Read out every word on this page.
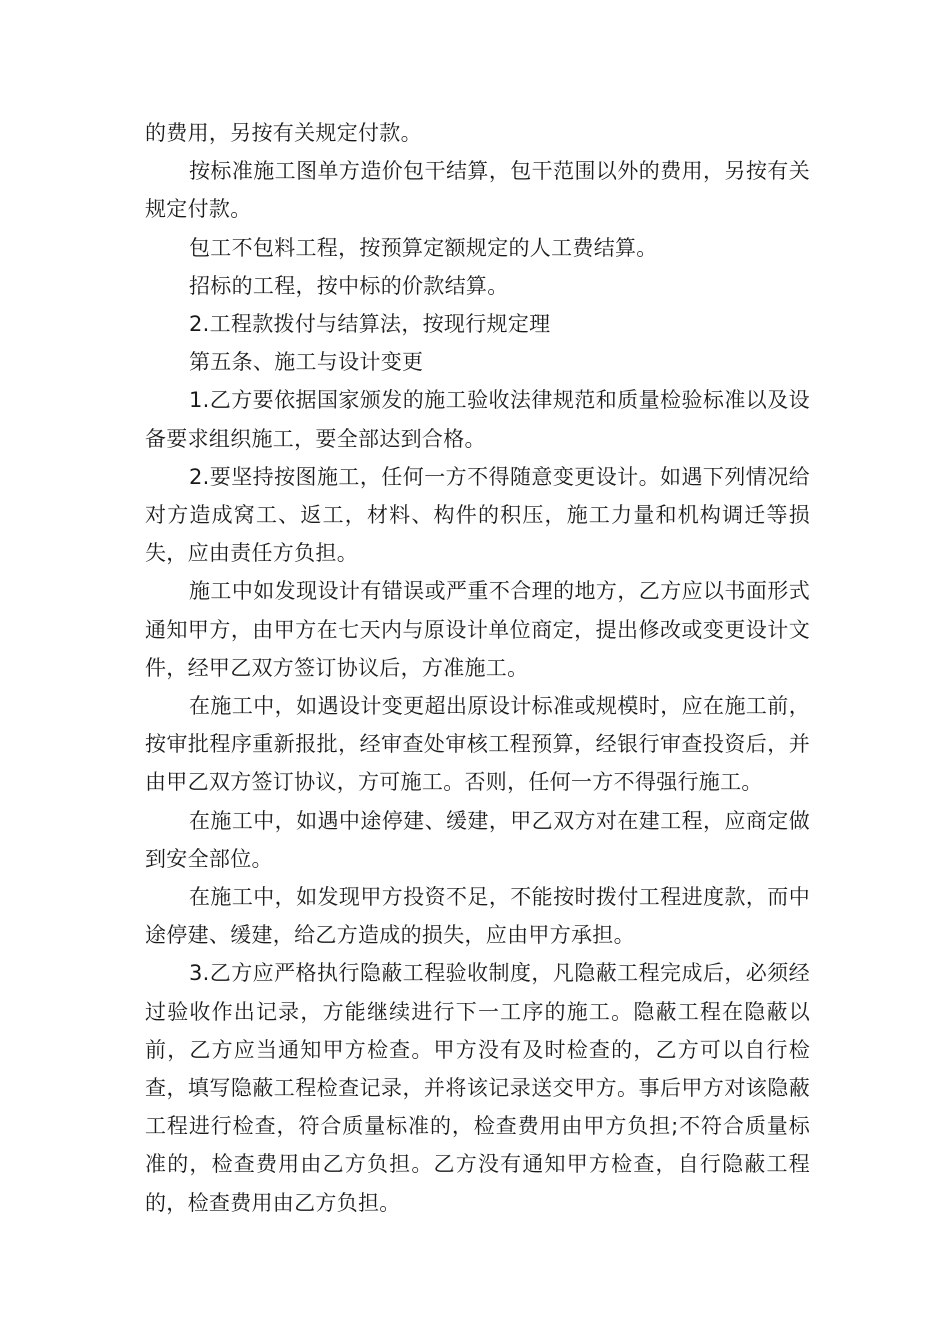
的费用，另按有关规定付款。

按标准施工图单方造价包干结算，包干范围以外的费用，另按有关规定付款。

包工不包料工程，按预算定额规定的人工费结算。

招标的工程，按中标的价款结算。

2.工程款拨付与结算法，按现行规定理

第五条、施工与设计变更

1.乙方要依据国家颁发的施工验收法律规范和质量检验标准以及设备要求组织施工，要全部达到合格。

2.要坚持按图施工，任何一方不得随意变更设计。如遇下列情况给对方造成窝工、返工，材料、构件的积压，施工力量和机构调迁等损失，应由责任方负担。

施工中如发现设计有错误或严重不合理的地方，乙方应以书面形式通知甲方，由甲方在七天内与原设计单位商定，提出修改或变更设计文件，经甲乙双方签订协议后，方准施工。

在施工中，如遇设计变更超出原设计标准或规模时，应在施工前，按审批程序重新报批，经审查处审核工程预算，经银行审查投资后，并由甲乙双方签订协议，方可施工。否则，任何一方不得强行施工。

在施工中，如遇中途停建、缓建，甲乙双方对在建工程，应商定做到安全部位。

在施工中，如发现甲方投资不足，不能按时拨付工程进度款，而中途停建、缓建，给乙方造成的损失，应由甲方承担。

3.乙方应严格执行隐蔽工程验收制度，凡隐蔽工程完成后，必须经过验收作出记录，方能继续进行下一工序的施工。隐蔽工程在隐蔽以前，乙方应当通知甲方检查。甲方没有及时检查的，乙方可以自行检查，填写隐蔽工程检查记录，并将该记录送交甲方。事后甲方对该隐蔽工程进行检查，符合质量标准的，检查费用由甲方负担;不符合质量标准的，检查费用由乙方负担。乙方没有通知甲方检查，自行隐蔽工程的，检查费用由乙方负担。
